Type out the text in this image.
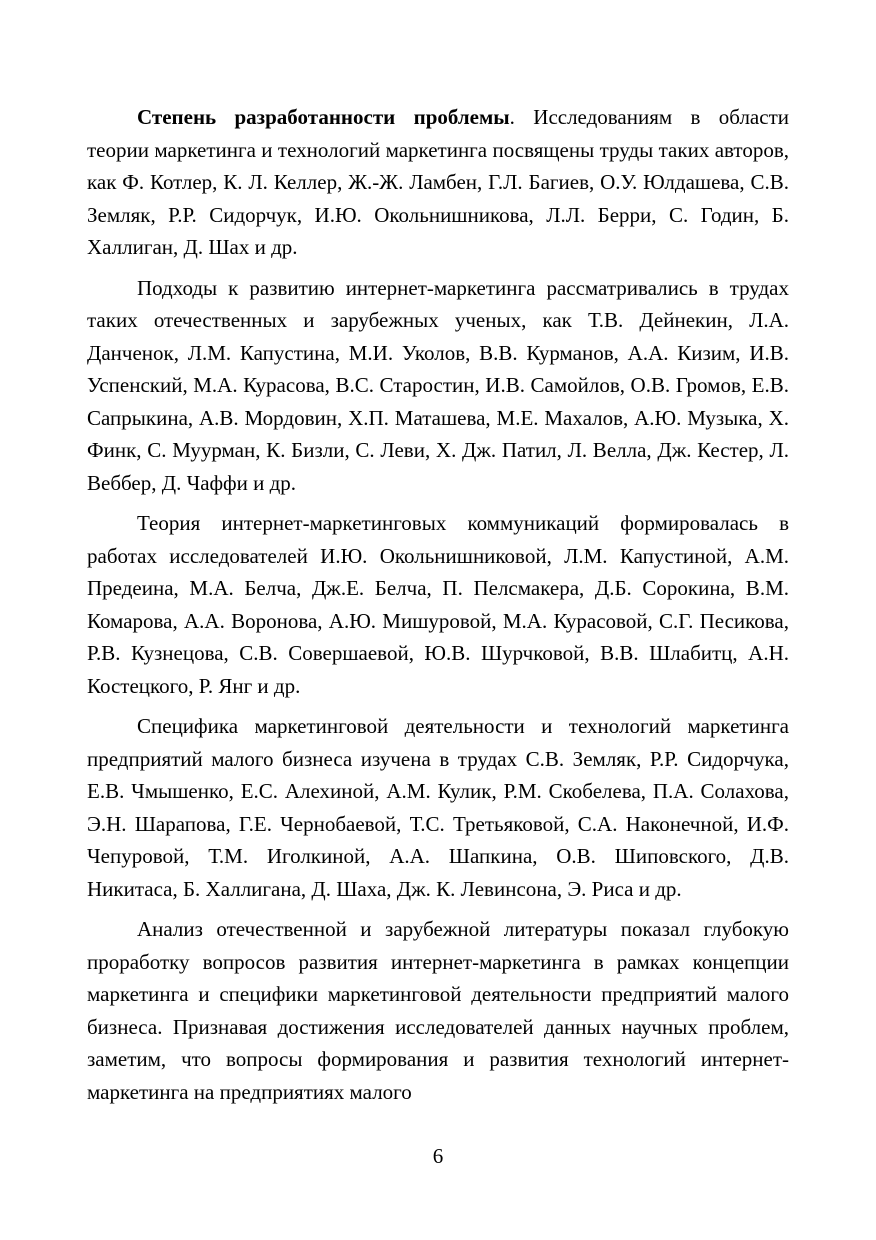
Степень разработанности проблемы. Исследованиям в области теории маркетинга и технологий маркетинга посвящены труды таких авторов, как Ф. Котлер, К. Л. Келлер, Ж.-Ж. Ламбен, Г.Л. Багиев, О.У. Юлдашева, С.В. Земляк, Р.Р. Сидорчук, И.Ю. Окольнишникова, Л.Л. Берри, С. Годин, Б. Халлиган, Д. Шах и др.

Подходы к развитию интернет-маркетинга рассматривались в трудах таких отечественных и зарубежных ученых, как Т.В. Дейнекин, Л.А. Данченок, Л.М. Капустина, М.И. Уколов, В.В. Курманов, А.А. Кизим, И.В. Успенский, М.А. Курасова, В.С. Старостин, И.В. Самойлов, О.В. Громов, Е.В. Сапрыкина, А.В. Мордовин, Х.П. Маташева, М.Е. Махалов, А.Ю. Музыка, Х. Финк, С. Муурман, К. Бизли, С. Леви, Х. Дж. Патил, Л. Велла, Дж. Кестер, Л. Веббер, Д. Чаффи и др.

Теория интернет-маркетинговых коммуникаций формировалась в работах исследователей И.Ю. Окольнишниковой, Л.М. Капустиной, А.М. Предеина, М.А. Белча, Дж.Е. Белча, П. Пелсмакера, Д.Б. Сорокина, В.М. Комарова, А.А. Воронова, А.Ю. Мишуровой, М.А. Курасовой, С.Г. Песикова, Р.В. Кузнецова, С.В. Совершаевой, Ю.В. Шурчковой, В.В. Шлабитц, А.Н. Костецкого, Р. Янг и др.

Специфика маркетинговой деятельности и технологий маркетинга предприятий малого бизнеса изучена в трудах С.В. Земляк, Р.Р. Сидорчука, Е.В. Чмышенко, Е.С. Алехиной, А.М. Кулик, Р.М. Скобелева, П.А. Солахова, Э.Н. Шарапова, Г.Е. Чернобаевой, Т.С. Третьяковой, С.А. Наконечной, И.Ф. Чепуровой, Т.М. Иголкиной, А.А. Шапкина, О.В. Шиповского, Д.В. Никитаса, Б. Халлигана, Д. Шаха, Дж. К. Левинсона, Э. Риса и др.

Анализ отечественной и зарубежной литературы показал глубокую проработку вопросов развития интернет-маркетинга в рамках концепции маркетинга и специфики маркетинговой деятельности предприятий малого бизнеса. Признавая достижения исследователей данных научных проблем, заметим, что вопросы формирования и развития технологий интернет-маркетинга на предприятиях малого

6
